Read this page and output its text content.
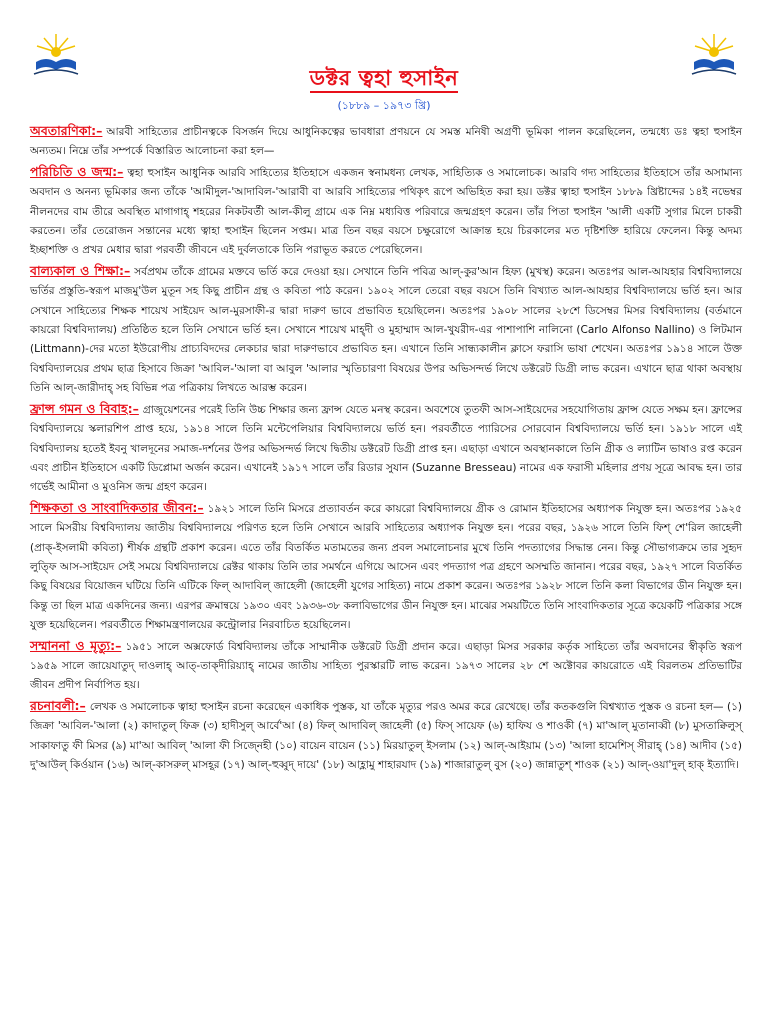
ডক্টর ত্বহা হুসাইন
(১৮৮৯ – ১৯৭৩ খ্রি)

অবতারণিকা:– আরবী সাহিত্যের প্রাচীনত্বকে বিসর্জন দিয়ে আধুনিকত্বের ভাবধারা প্রণয়নে যে সমস্ত মনিষী অগ্রণী ভূমিকা পালন করেছিলেন, তন্মধ্যে ডঃ ত্বহা হুসাইন অন্যতম। নিম্নে তাঁর সম্পর্কে বিস্তারিত আলোচনা করা হল—

পরিচিতি ও জন্ম:– ত্বহা হুসাইন আধুনিক আরবি সাহিত্যের ইতিহাসে একজন স্বনামধন্য লেখক, সাহিত্যিক ও সমালোচক। আরবি গদ্য সাহিত্যের ইতিহাসে তাঁর অসামান্য অবদান ও অনন্য ভূমিকার জন্য তাঁকে 'আমীদুল-'আদাবিল-'আরাবী বা আরবি সাহিত্যের পথিকৃৎ রূপে অভিহিত করা হয়। ডক্টর ত্বাহা হুসাইন ১৮৮৯ খ্রিষ্টাব্দের ১৪ই নভেম্বর নীলনদের বাম তীরে অবস্থিত মাগাগাহ্ শহরের নিকটবর্তী আল-কীলু গ্রামে এক নিম্ন মধ্যবিত্ত পরিবারে জন্মগ্রহণ করেন। তাঁর পিতা হুসাইন 'আলী একটি সুগার মিলে চাকরী করতেন। তাঁর তেরোজন সন্তানের মধ্যে ত্বাহা হুসাইন ছিলেন সপ্তম। মাত্র তিন বছর বয়সে চক্ষুরোগে আক্রান্ত হয়ে চিরকালের মত দৃষ্টিশক্তি হারিয়ে ফেলেন। কিন্তু অদম্য ইচ্ছাশক্তি ও প্রখর মেধার দ্বারা পরবর্তী জীবনে এই দুর্বলতাকে তিনি পরাভূত করতে পেরেছিলেন।

বাল্যকাল ও শিক্ষা:– সর্বপ্রথম তাঁকে গ্রামের মক্তবে ভর্তি করে দেওয়া হয়। সেখানে তিনি পবিত্র আল্-কুর'আন হিফ্য (মুখস্থ) করেন। অতঃপর আল-আযহার বিশ্ববিদ্যালয়ে ভর্তির প্রস্তুতি-স্বরূপ মাজমু'উল মুতূন সহ কিছু প্রাচীন গ্রন্থ ও কবিতা পাঠ করেন। ১৯০২ সালে তেরো বছর বয়সে তিনি বিখ্যাত আল-আযহার বিশ্ববিদ্যালয়ে ভর্তি হন। আর সেখানে সাহিত্যের শিক্ষক শায়েখ সাইয়েদ আল-মুরসাফী-র দ্বারা দারুণ ভাবে প্রভাবিত হয়েছিলেন। অতঃপর ১৯০৮ সালের ২৮শে ডিসেম্বর মিসর বিশ্ববিদ্যালয় (বর্তমানে কায়রো বিশ্ববিদ্যালয়) প্রতিষ্ঠিত হলে তিনি সেখানে ভর্তি হন। সেখানে শায়েখ মাহ্দী ও মুহাম্মাদ আল-খুযরীদ-এর পাশাপাশি নালিনো (Carlo Alfonso Nallino) ও লিটমান (Littmann)-দের মতো ইউরোপীয় প্রাচ্যবিদদের লেকচার দ্বারা দারুণভাবে প্রভাবিত হন। এখানে তিনি সান্ধ্যকালীন ক্লাসে ফরাসি ভাষা শেখেন। অতঃপর ১৯১৪ সালে উক্ত বিশ্ববিদ্যালয়ের প্রথম ছাত্র হিসাবে জিক্রা 'আবিল-'আলা বা আবুল 'আলার স্মৃতিচারণা বিষয়ের উপর অভিসন্দর্ভ লিখে ডক্টরেট ডিগ্রী লাভ করেন। এখানে ছাত্র থাকা অবস্থায় তিনি আল্-জারীদাহ্ সহ বিভিন্ন পত্র পত্রিকায় লিখতে আরম্ভ করেন।

ফ্রান্স গমন ও বিবাহ:– গ্রাজুয়েশনের পরেই তিনি উচ্চ শিক্ষার জন্য ফ্রান্স যেতে মনস্থ করেন। অবশেষে তুতফী আস-সাইয়েদের সহযোগিতায় ফ্রান্স যেতে সক্ষম হন। ফ্রান্সের বিশ্ববিদ্যালয়ে স্কলারশিপ প্রাপ্ত হয়ে, ১৯১৪ সালে তিনি মন্টেপেলিয়ার বিশ্ববিদ্যালয়ে ভর্তি হন। পরবর্তীতে প্যারিসের সোরবোন বিশ্ববিদ্যালয়ে ভর্তি হন। ১৯১৮ সালে এই বিশ্ববিদ্যালয় হতেই ইবনু খালদূনের সমাজ-দর্শনের উপর অভিসন্দর্ভ লিখে দ্বিতীয় ডক্টরেট ডিগ্রী প্রাপ্ত হন। এছাড়া এখানে অবস্থানকালে তিনি গ্রীক ও ল্যাটিন ভাষাও রপ্ত করেন এবং প্রাচীন ইতিহাসে একটি ডিপ্লোমা অর্জন করেন। এখানেই ১৯১৭ সালে তাঁর রিডার সুযান (Suzanne Bresseau) নামের এক ফরাসী মহিলার প্রণয় সূত্রে আবদ্ধ হন। তার গর্ভেই আমীনা ও মুওনিস জন্ম গ্রহণ করেন।

শিক্ষকতা ও সাংবাদিকতার জীবন:– ১৯২১ সালে তিনি মিসরে প্রত্যাবর্তন করে কায়রো বিশ্ববিদ্যালয়ে গ্রীক ও রোমান ইতিহাসের অধ্যাপক নিযুক্ত হন। অতঃপর ১৯২৫ সালে মিসরীয় বিশ্ববিদ্যালয় জাতীয় বিশ্ববিদ্যালয়ে পরিণত হলে তিনি সেখানে আরবি সাহিত্যের অধ্যাপক নিযুক্ত হন। পরের বছর, ১৯২৬ সালে তিনি ফিশ্ শে'রিল জাহেলী (প্রাক্-ইসলামী কবিতা) শীর্ষক গ্রন্থটি প্রকাশ করেন। এতে তাঁর বিতর্কিত মতামতের জন্য প্রবল সমালোচনার মুখে তিনি পদত্যাগের সিদ্ধান্ত নেন। কিন্তু সৌভাগ্যক্রমে তার সুহৃদ লুত্ফি আস-সাইয়েদ সেই সময়ে বিশ্ববিদ্যালয়ে রেক্টর থাকায় তিনি তার সমর্থনে এগিয়ে আসেন এবং পদত্যাগ পত্র গ্রহণে অসম্মতি জানান। পরের বছর, ১৯২৭ সালে বিতর্কিত কিছু বিষয়ের বিয়োজন ঘটিয়ে তিনি এটিকে ফিল্ আদাবিল্ জাহেলী (জাহেলী যুগের সাহিত্য) নামে প্রকাশ করেন। অতঃপর ১৯২৮ সালে তিনি কলা বিভাগের ডীন নিযুক্ত হন। কিন্তু তা ছিল মাত্র একদিনের জন্য। এরপর ক্রমান্বয়ে ১৯৩০ এবং ১৯৩৬-৩৮ কলাবিভাগের ডীন নিযুক্ত হন। মাঝের সময়টিতে তিনি সাংবাদিকতার সূত্রে কয়েকটি পত্রিকার সঙ্গে যুক্ত হয়েছিলেন। পরবর্তীতে শিক্ষামন্ত্রণালয়ের কন্ট্রোলার নিরবাচিত হয়েছিলেন।

সম্মাননা ও মৃত্যু:– ১৯৫১ সালে অক্সফোর্ড বিশ্ববিদ্যালয় তাঁকে সাম্মানীক ডক্টরেট ডিগ্রী প্রদান করে। এছাড়া মিসর সরকার কর্তৃক সাহিত্যে তাঁর অবদানের স্বীকৃতি স্বরূপ ১৯৫৯ সালে জায়েযাতুদ্ দাওলাহ্ আত্-তাক্দীরিয়্যাহ্ নামের জাতীয় সাহিত্য পুরস্কারটি লাভ করেন। ১৯৭৩ সালের ২৮ শে অক্টোবর কায়রোতে এই বিরলতম প্রতিভাটির জীবন প্রদীপ নির্বাপিত হয়।

রচনাবলী:– লেখক ও সমালোচক ত্বাহা হুসাইন রচনা করেছেন একাধিক পুস্তক, যা তাঁকে মৃত্যুর পরও অমর করে রেখেছে। তাঁর কতকগুলি বিশ্বখ্যাত পুস্তক ও রচনা হল— (১) জিক্রা 'আবিল-'আলা (২) কাদাতুল্ ফিক্র (৩) হাদীসুল্ আর্বে'আ (৪) ফিল্ আদাবিল্ জাহেলী (৫) ফিস্ সায়েফ (৬) হাফিয ও শাওকী (৭) মা'আল্ মুতানাব্বী (৮) মুসতাক্বিলুস্ সাকাফাতু ফী মিসর (৯) মা'আ আবিল্ 'আলা ফী সিজ্নেহী (১০) বায়েন বায়েন (১১) মিরয়াতুল্ ইসলাম (১২) আল্-আইয়াম (১৩) 'আলা হামেশিস্ সীরাহ্ (১৪) আদীব (১৫) দু'আউল্ কির্ওয়ান (১৬) আল্-কাসরুল্ মাসহূর (১৭) আল্-হুব্বুদ্ দায়ে' (১৮) আহ্লামু শাহারযাদ (১৯) শাজারাতুল্ বুস (২০) জান্নাতুশ্ শাওক (২১) আল্-ওয়া'দুল্ হাক্ ইত্যাদি।
